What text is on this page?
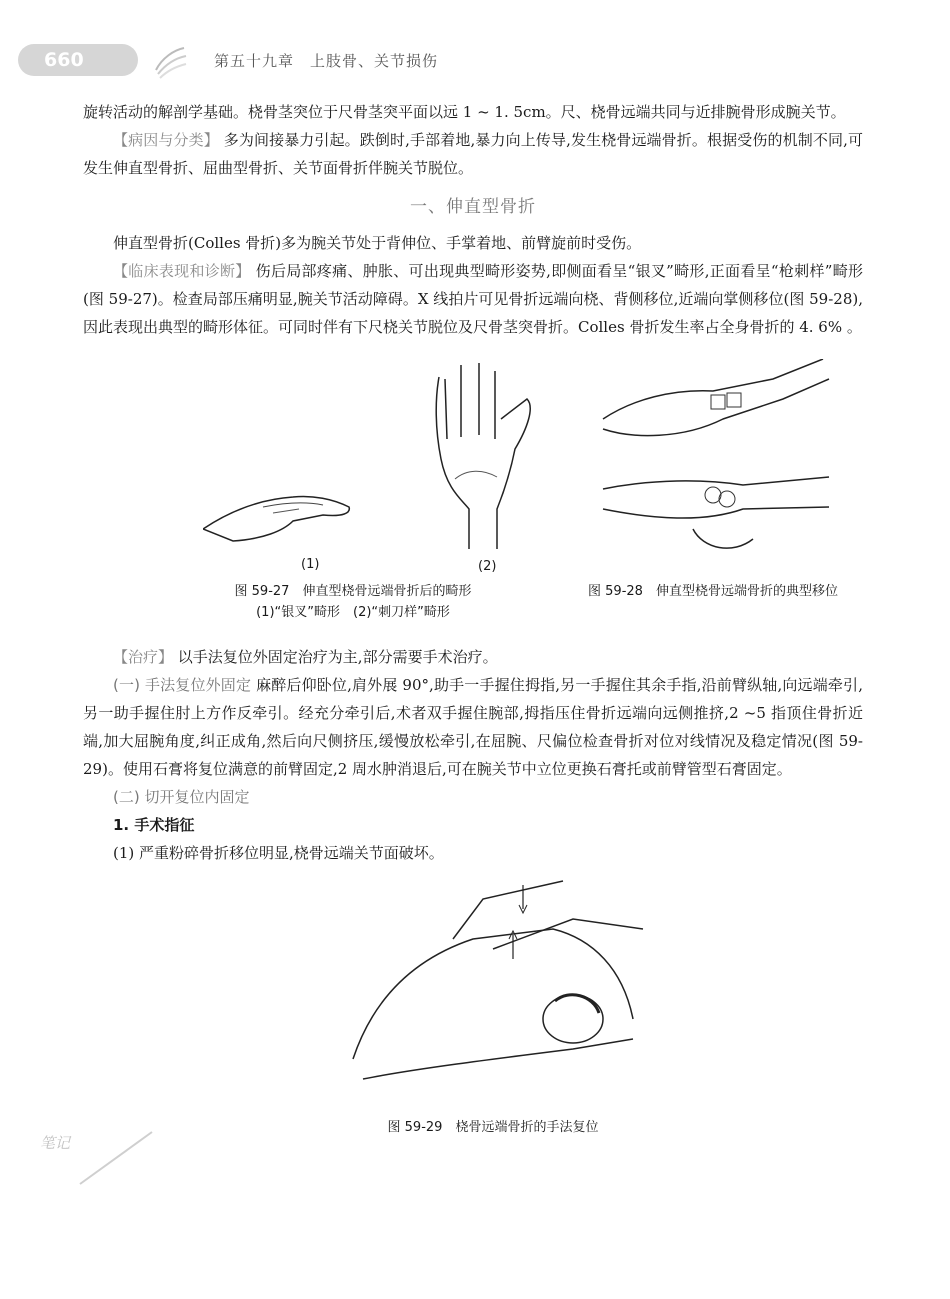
660	第五十九章　上肢骨、关节损伤

旋转活动的解剖学基础。桡骨茎突位于尺骨茎突平面以远 1 ~ 1. 5cm。尺、桡骨远端共同与近排腕骨形成腕关节。

【病因与分类】 多为间接暴力引起。跌倒时,手部着地,暴力向上传导,发生桡骨远端骨折。根据受伤的机制不同,可发生伸直型骨折、屈曲型骨折、关节面骨折伴腕关节脱位。

一、伸直型骨折

伸直型骨折(Colles 骨折)多为腕关节处于背伸位、手掌着地、前臂旋前时受伤。

【临床表现和诊断】 伤后局部疼痛、肿胀、可出现典型畸形姿势,即侧面看呈“银叉”畸形,正面看呈“枪刺样”畸形(图 59-27)。检查局部压痛明显,腕关节活动障碍。X 线拍片可见骨折远端向桡、背侧移位,近端向掌侧移位(图 59-28),因此表现出典型的畸形体征。可同时伴有下尺桡关节脱位及尺骨茎突骨折。Colles 骨折发生率占全身骨折的 4. 6% 。

(1)	(2)
图 59-27　伸直型桡骨远端骨折后的畸形
(1)“银叉”畸形　(2)“刺刀样”畸形
图 59-28　伸直型桡骨远端骨折的典型移位

【治疗】 以手法复位外固定治疗为主,部分需要手术治疗。

(一) 手法复位外固定 麻醉后仰卧位,肩外展 90°,助手一手握住拇指,另一手握住其余手指,沿前臂纵轴,向远端牵引,另一助手握住肘上方作反牵引。经充分牵引后,术者双手握住腕部,拇指压住骨折远端向远侧推挤,2 ~5 指顶住骨折近端,加大屈腕角度,纠正成角,然后向尺侧挤压,缓慢放松牵引,在屈腕、尺偏位检查骨折对位对线情况及稳定情况(图 59-29)。使用石膏将复位满意的前臂固定,2 周水肿消退后,可在腕关节中立位更换石膏托或前臂管型石膏固定。

(二) 切开复位内固定

1. 手术指征

(1) 严重粉碎骨折移位明显,桡骨远端关节面破坏。

图 59-29　桡骨远端骨折的手法复位
笔记
